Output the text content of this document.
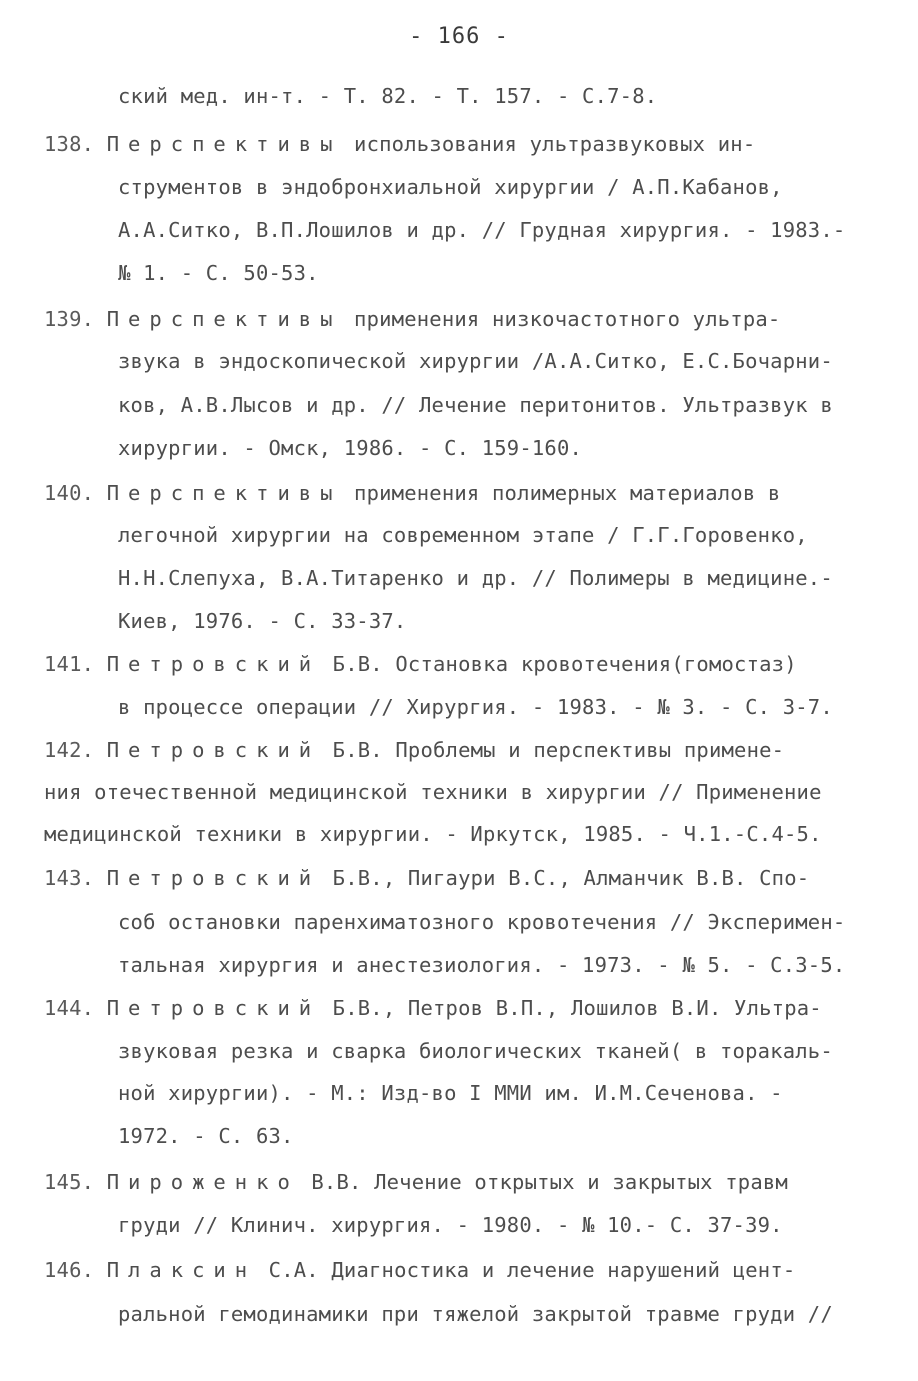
- 166 -
ский мед. ин-т. - Т. 82. - Т. 157. - С.7-8.
138. Перспективы использования ультразвуковых ин-
струментов в эндобронхиальной хирургии / А.П.Кабанов,
А.А.Ситко, В.П.Лошилов и др. // Грудная хирургия. - 1983.-
№ 1. - С. 50-53.
139. Перспективы применения низкочастотного ультра-
звука в эндоскопической хирургии /А.А.Ситко, Е.С.Бочарни-
ков, А.В.Лысов и др. // Лечение перитонитов. Ультразвук в
хирургии. - Омск, 1986. - С. 159-160.
140. Перспективы применения полимерных материалов в
легочной хирургии на современном этапе / Г.Г.Горовенко,
Н.Н.Слепуха, В.А.Титаренко и др. // Полимеры в медицине.-
Киев, 1976. - С. 33-37.
141. Петровский Б.В. Остановка кровотечения(гомостаз)
в процессе операции // Хирургия. - 1983. - № 3. - С. 3-7.
142. Петровский Б.В. Проблемы и перспективы примене-
ния отечественной медицинской техники в хирургии // Применение
медицинской техники в хирургии. - Иркутск, 1985. - Ч.1.-С.4-5.
143. Петровский Б.В., Пигаури В.С., Алманчик В.В. Спо-
соб остановки паренхиматозного кровотечения // Эксперимен-
тальная хирургия и анестезиология. - 1973. - № 5. - С.3-5.
144. Петровский Б.В., Петров В.П., Лошилов В.И. Ультра-
звуковая резка и сварка биологических тканей( в торакаль-
ной хирургии). - М.: Изд-во I ММИ им. И.М.Сеченова. -
1972. - С. 63.
145. Пироженко В.В. Лечение открытых и закрытых травм
груди // Клинич. хирургия. - 1980. - № 10.- С. 37-39.
146. Плаксин С.А. Диагностика и лечение нарушений цент-
ральной гемодинамики при тяжелой закрытой травме груди //
